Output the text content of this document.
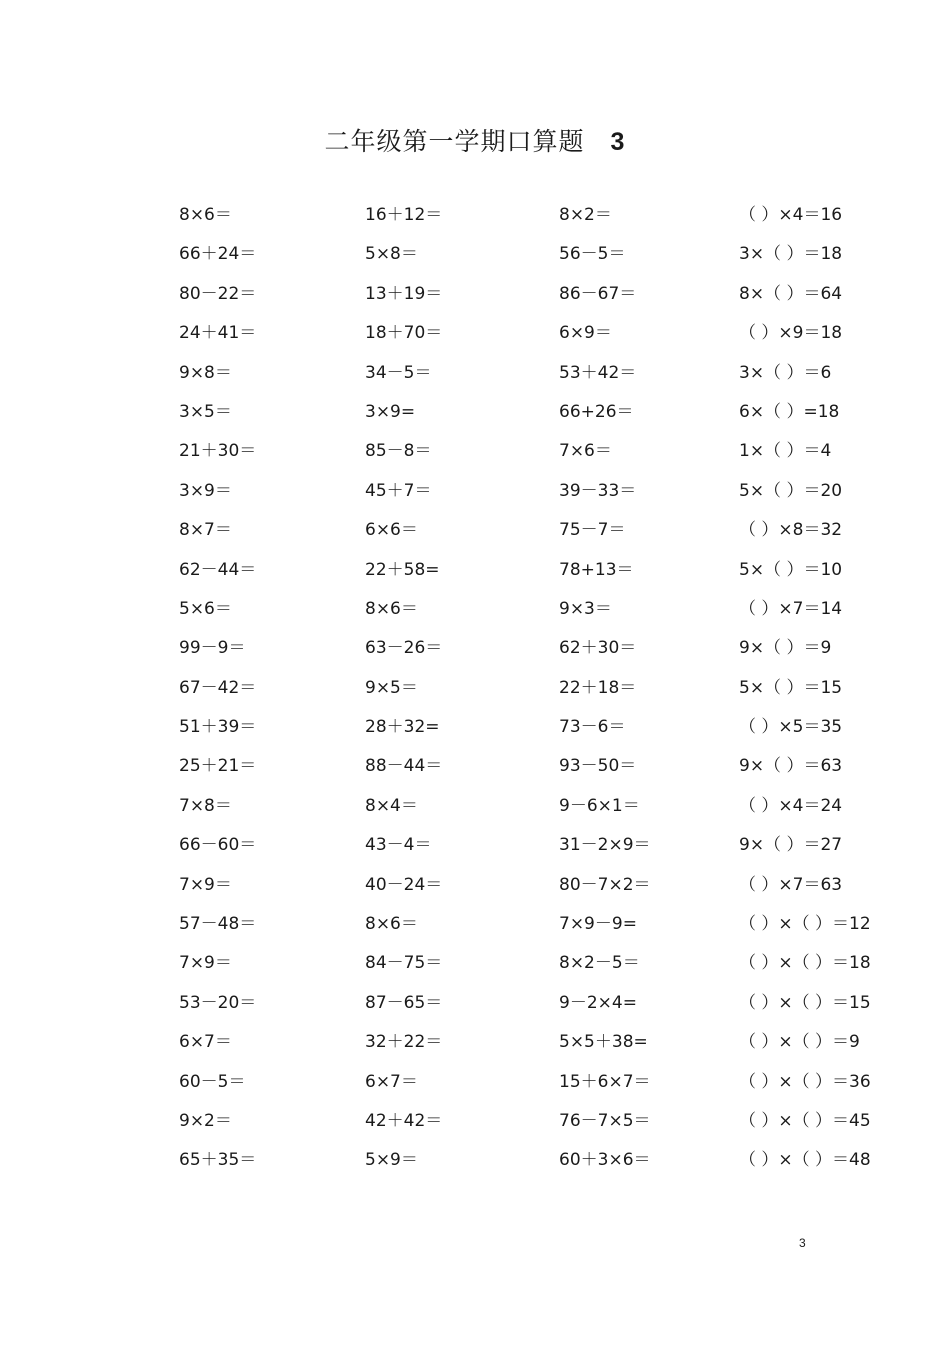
二年级第一学期口算题 3
8×6＝	16＋12＝	8×2＝	（ ）×4＝16
66＋24＝	5×8＝	56－5＝	3×（ ）＝18
80－22＝	13＋19＝	86－67＝	8×（ ）＝64
24＋41＝	18＋70＝	6×9＝	（ ）×9＝18
9×8＝	34－5＝	53＋42＝	3×（ ）＝6
3×5＝	3×9=	66+26＝	6×（ ）=18
21＋30＝	85－8＝	7×6＝	1×（ ）＝4
3×9＝	45＋7＝	39－33＝	5×（ ）＝20
8×7＝	6×6＝	75－7＝	（ ）×8＝32
62－44＝	22＋58=	78+13＝	5×（ ）＝10
5×6＝	8×6＝	9×3＝	（ ）×7＝14
99－9＝	63－26＝	62＋30＝	9×（ ）＝9
67－42＝	9×5＝	22＋18＝	5×（ ）＝15
51＋39＝	28＋32=	73－6＝	（ ）×5＝35
25＋21＝	88－44＝	93－50＝	9×（ ）＝63
7×8＝	8×4＝	9－6×1＝	（ ）×4＝24
66－60＝	43－4＝	31－2×9＝	9×（ ）＝27
7×9＝	40－24＝	80－7×2＝	（ ）×7＝63
57－48＝	8×6＝	7×9－9=	（ ）×（ ）＝12
7×9＝	84－75＝	8×2－5＝	（ ）×（ ）＝18
53－20＝	87－65＝	9－2×4=	（ ）×（ ）＝15
6×7＝	32＋22＝	5×5＋38=	（ ）×（ ）＝9
60－5＝	6×7＝	15＋6×7＝	（ ）×（ ）＝36
9×2＝	42＋42＝	76－7×5＝	（ ）×（ ）＝45
65＋35＝	5×9＝	60＋3×6＝	（ ）×（ ）＝48
3
